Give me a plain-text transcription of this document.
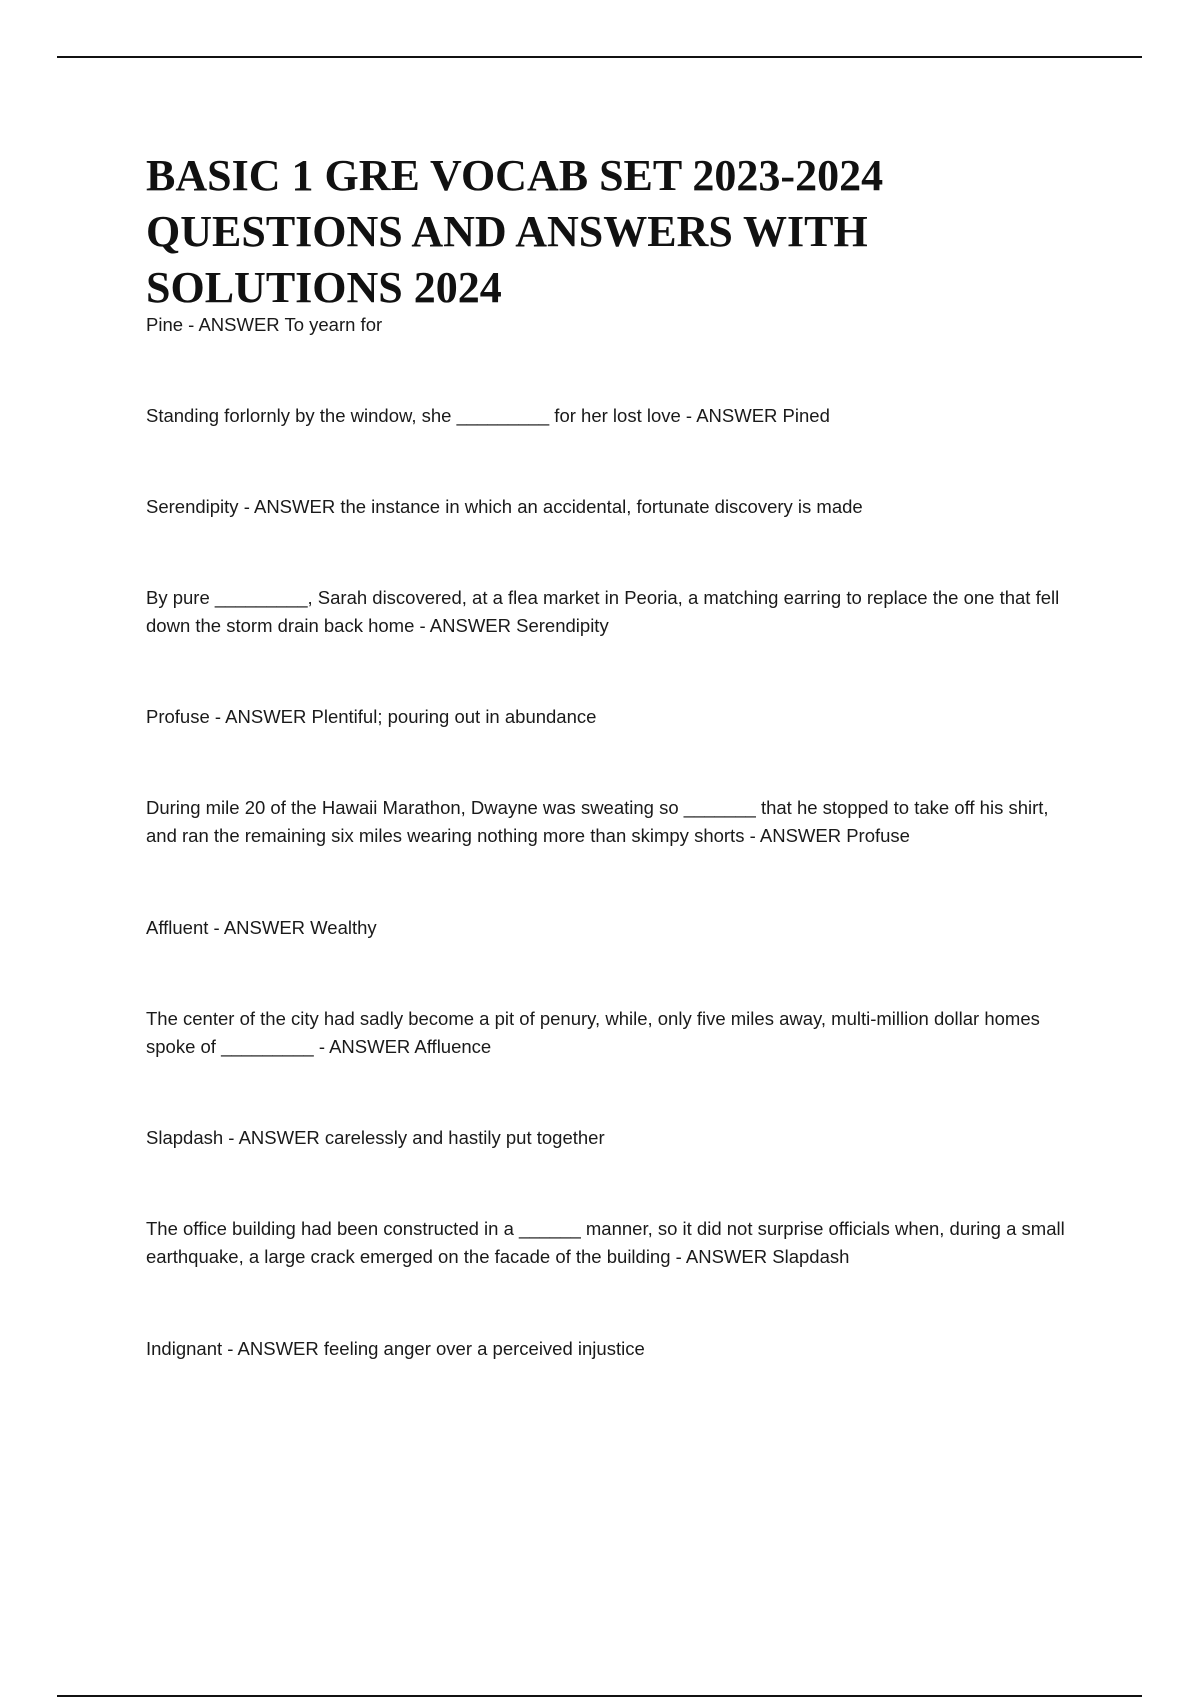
BASIC 1 GRE VOCAB SET 2023-2024
QUESTIONS AND ANSWERS WITH
SOLUTIONS 2024

Pine - ANSWER To yearn for

Standing forlornly by the window, she _________ for her lost love - ANSWER Pined

Serendipity - ANSWER the instance in which an accidental, fortunate discovery is made

By pure _________, Sarah discovered, at a flea market in Peoria, a matching earring to replace the one that fell down the storm drain back home - ANSWER Serendipity

Profuse - ANSWER Plentiful; pouring out in abundance

During mile 20 of the Hawaii Marathon, Dwayne was sweating so _______ that he stopped to take off his shirt, and ran the remaining six miles wearing nothing more than skimpy shorts - ANSWER Profuse

Affluent - ANSWER Wealthy

The center of the city had sadly become a pit of penury, while, only five miles away, multi-million dollar homes spoke of _________ - ANSWER Affluence

Slapdash - ANSWER carelessly and hastily put together

The office building had been constructed in a ______ manner, so it did not surprise officials when, during a small earthquake, a large crack emerged on the facade of the building - ANSWER Slapdash

Indignant - ANSWER feeling anger over a perceived injustice
